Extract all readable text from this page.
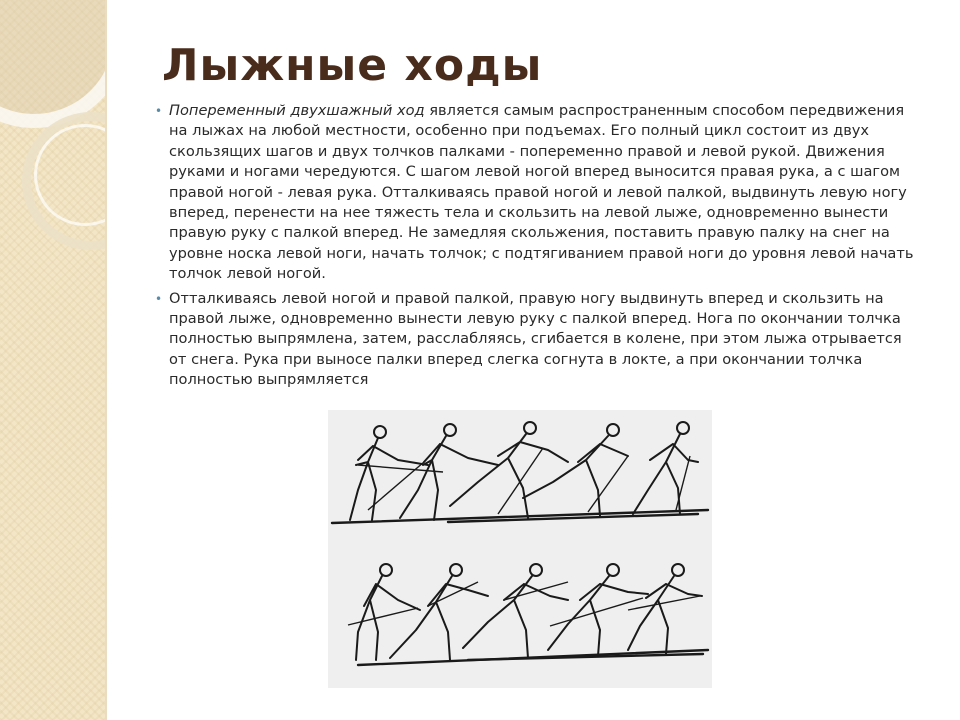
Лыжные ходы

• Попеременный двухшажный ход является самым распространенным способом передвижения на лыжах на любой местности, особенно при подъемах. Его полный цикл состоит из двух скользящих шагов и двух толчков палками - попеременно правой и левой рукой. Движения руками и ногами чередуются. С шагом левой ногой вперед выносится правая рука, а с шагом правой ногой - левая рука. Отталкиваясь правой ногой и левой палкой, выдвинуть левую ногу вперед, перенести на нее тяжесть тела и скользить на левой лыже, одновременно вынести правую руку с палкой вперед. Не замедляя скольжения, поставить правую палку на снег на уровне носка левой ноги, начать толчок; с подтягиванием правой ноги до уровня левой начать толчок левой ногой.

• Отталкиваясь левой ногой и правой палкой, правую ногу выдвинуть вперед и скользить на правой лыже, одновременно вынести левую руку с палкой вперед. Нога по окончании толчка полностью выпрямлена, затем, расслабляясь, сгибается в колене, при этом лыжа отрывается от снега. Рука при выносе палки вперед слегка согнута в локте, а при окончании толчка полностью выпрямляется
